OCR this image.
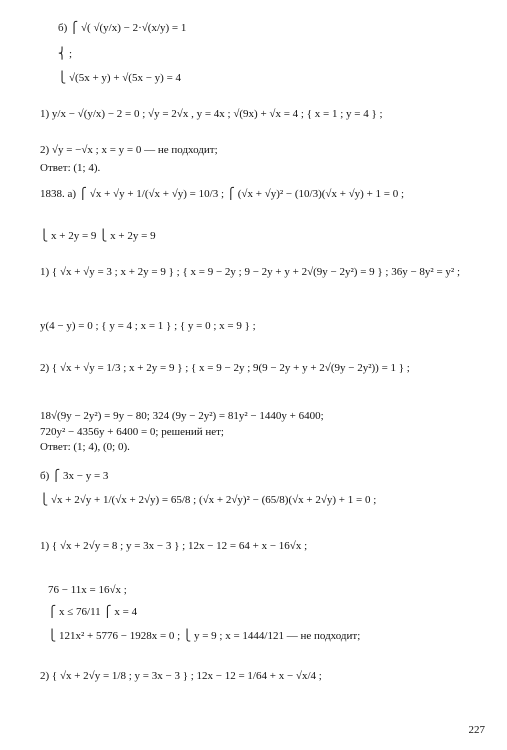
б) ⎧ √( √(y/x) − 2·√(x/y) = 1
⎨ ;
⎩ √(5x + y) + √(5x − y) = 4
1) y/x − √(y/x) − 2 = 0 ; √y = 2√x , y = 4x ; √(9x) + √x = 4 ; { x = 1 ; y = 4 } ;
2) √y = −√x ; x = y = 0 — не подходит;
Ответ: (1; 4).
1838. а) ⎧ √x + √y + 1/(√x + √y) = 10/3 ; ⎧ (√x + √y)² − (10/3)(√x + √y) + 1 = 0 ;
⎩ x + 2y = 9 ⎩ x + 2y = 9
1) { √x + √y = 3 ; x + 2y = 9 } ; { x = 9 − 2y ; 9 − 2y + y + 2√(9y − 2y²) = 9 } ; 36y − 8y² = y² ;
y(4 − y) = 0 ; { y = 4 ; x = 1 } ; { y = 0 ; x = 9 } ;
2) { √x + √y = 1/3 ; x + 2y = 9 } ; { x = 9 − 2y ; 9(9 − 2y + y + 2√(9y − 2y²)) = 1 } ;
18√(9y − 2y²) = 9y − 80; 324 (9y − 2y²) = 81y² − 1440y + 6400;
720y² − 4356y + 6400 = 0; решений нет;
Ответ: (1; 4), (0; 0).
б) ⎧ 3x − y = 3
⎩ √x + 2√y + 1/(√x + 2√y) = 65/8 ; (√x + 2√y)² − (65/8)(√x + 2√y) + 1 = 0 ;
1) { √x + 2√y = 8 ; y = 3x − 3 } ; 12x − 12 = 64 + x − 16√x ;
76 − 11x = 16√x ;
⎧ x ≤ 76/11 ⎧ x = 4
⎩ 121x² + 5776 − 1928x = 0 ; ⎩ y = 9 ; x = 1444/121 — не подходит;
2) { √x + 2√y = 1/8 ; y = 3x − 3 } ; 12x − 12 = 1/64 + x − √x/4 ;
227
